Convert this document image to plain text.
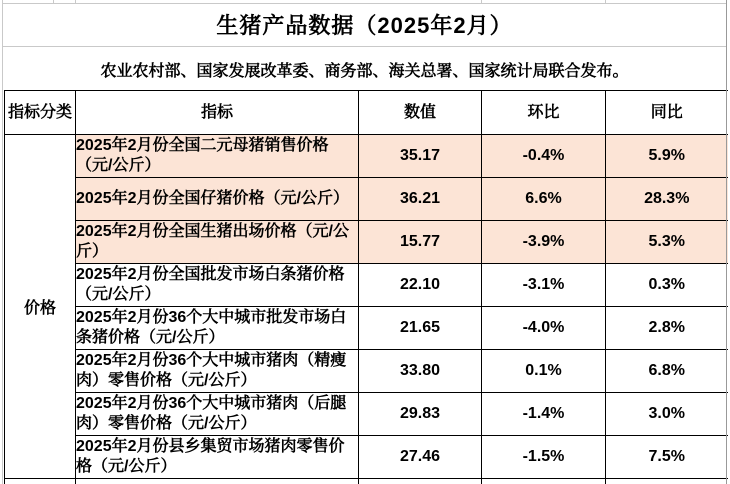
生猪产品数据（2025年2月）
农业农村部、国家发展改革委、商务部、海关总署、国家统计局联合发布。
指标分类	指标	数值	环比	同比
价格	2025年2月份全国二元母猪销售价格（元/公斤）	35.17	-0.4%	5.9%
	2025年2月份全国仔猪价格（元/公斤）	36.21	6.6%	28.3%
	2025年2月份全国生猪出场价格（元/公斤）	15.77	-3.9%	5.3%
	2025年2月份全国批发市场白条猪价格（元/公斤）	22.10	-3.1%	0.3%
	2025年2月份36个大中城市批发市场白条猪价格（元/公斤）	21.65	-4.0%	2.8%
	2025年2月份36个大中城市猪肉（精瘦肉）零售价格（元/公斤）	33.80	0.1%	6.8%
	2025年2月份36个大中城市猪肉（后腿肉）零售价格（元/公斤）	29.83	-1.4%	3.0%
	2025年2月份县乡集贸市场猪肉零售价格（元/公斤）	27.46	-1.5%	7.5%
